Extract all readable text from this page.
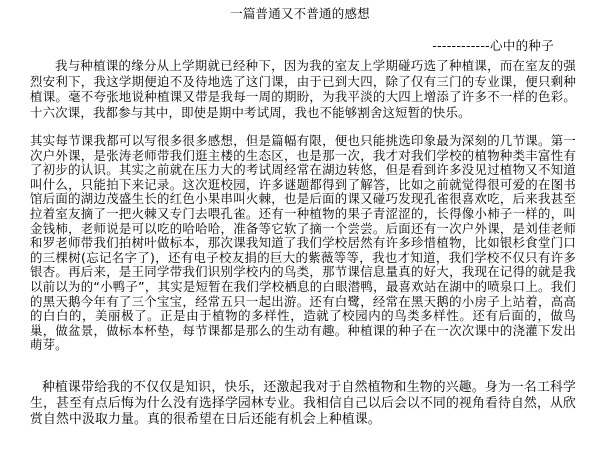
一篇普通又不普通的感想
------------心中的种子

我与种植课的缘分从上学期就已经种下，因为我的室友上学期碰巧选了种植课，而在室友的强烈安利下，我这学期便迫不及待地选了这门课，由于已到大四，除了仅有三门的专业课，便只剩种植课。毫不夸张地说种植课又带是我每一周的期盼，为我平淡的大四上增添了许多不一样的色彩。十六次课，我都参与其中，即使是期中考试周，我也不能够割舍这短暂的快乐。

其实每节课我都可以写很多很多感想，但是篇幅有限，便也只能挑选印象最为深刻的几节课。第一次户外课，是张涛老师带我们逛主楼的生态区，也是那一次，我才对我们学校的植物种类丰富性有了初步的认识。其实之前就在压力大的考试周经常在湖边转悠，但是看到许多没见过植物又不知道叫什么，只能拍下来记录。这次逛校园，许多谜题都得到了解答，比如之前就觉得很可爱的在图书馆后面的湖边茂盛生长的红色小果串叫火棘，也是后面的课又碰巧发现孔雀很喜欢吃，后来我甚至拉着室友摘了一把火棘又专门去喂孔雀。还有一种植物的果子青涩涩的，长得像小柿子一样的，叫金钱柿，老师说是可以吃的哈哈哈，准备等它软了摘一个尝尝。后面还有一次户外课，是刘佳老师和罗老师带我们拍树叶做标本，那次课我知道了我们学校居然有许多珍惜植物，比如银杉食堂门口的三棵树(忘记名字了)，还有电子校友捐的巨大的紫薇等等，我也才知道，我们学校不仅只有许多银杏。再后来，是王同学带我们识别学校内的鸟类，那节课信息量真的好大，我现在记得的就是我以前以为的“小鸭子”，其实是短暂在我们学校栖息的白眼潜鸭，最喜欢站在湖中的喷泉口上。我们的黑天鹅今年有了三个宝宝，经常五只一起出游。还有白鹭，经常在黑天鹅的小房子上站着，高高的白白的，美丽极了。正是由于植物的多样性，造就了校园内的鸟类多样性。还有后面的，做鸟巢，做盆景，做标本杯垫，每节课都是那么的生动有趣。种植课的种子在一次次课中的浇灌下发出萌芽。

种植课带给我的不仅仅是知识，快乐，还激起我对于自然植物和生物的兴趣。身为一名工科学生，甚至有点后悔为什么没有选择学园林专业。我相信自己以后会以不同的视角看待自然，从欣赏自然中汲取力量。真的很希望在日后还能有机会上种植课。
